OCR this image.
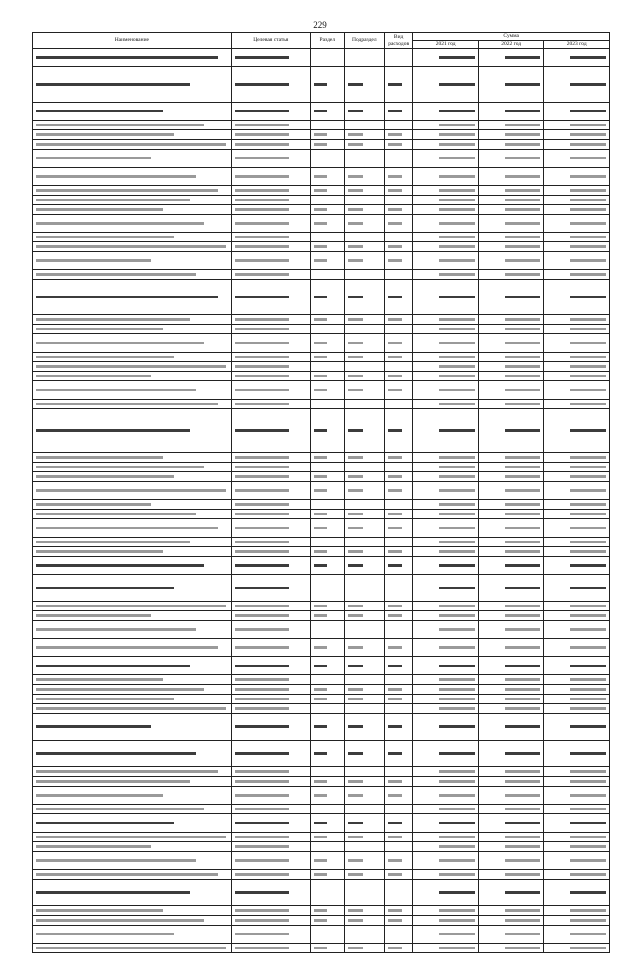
229
Наименование	Целевая статья	Раздел	Подраздел	Вид расходов	Сумма		
					2021 год	2022 год	2023 год
